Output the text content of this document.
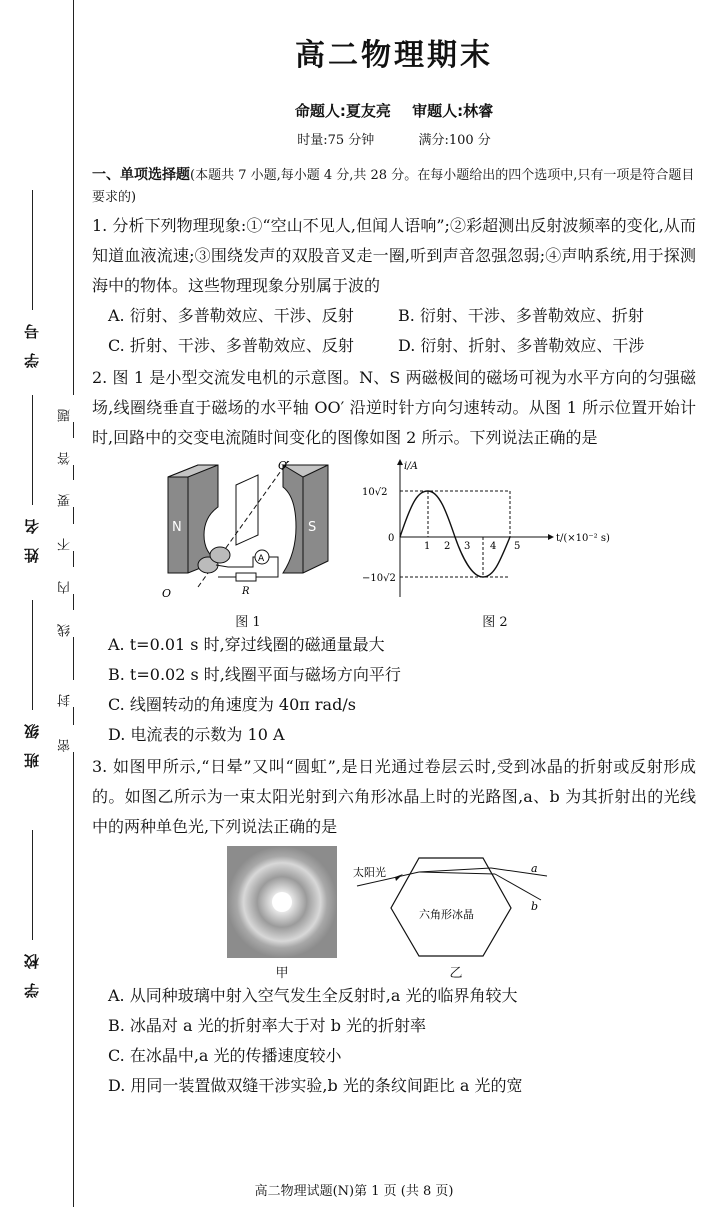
学号
姓名
班级
学校
题
答
要
不
内
线
封
密
高二物理期末
命题人:夏友亮 审题人:林睿
时量:75 分钟	满分:100 分
一、单项选择题(本题共 7 小题,每小题 4 分,共 28 分。在每小题给出的四个选项中,只有一项是符合题目要求的)
1. 分析下列物理现象:①“空山不见人,但闻人语响”;②彩超测出反射波频率的变化,从而知道血液流速;③围绕发声的双股音叉走一圈,听到声音忽强忽弱;④声呐系统,用于探测海中的物体。这些物理现象分别属于波的
A. 衍射、多普勒效应、干涉、反射	B. 衍射、干涉、多普勒效应、折射
C. 折射、干涉、多普勒效应、反射	D. 衍射、折射、多普勒效应、干涉
2. 图 1 是小型交流发电机的示意图。N、S 两磁极间的磁场可视为水平方向的匀强磁场,线圈绕垂直于磁场的水平轴 OO′ 沿逆时针方向匀速转动。从图 1 所示位置开始计时,回路中的交变电流随时间变化的图像如图 2 所示。下列说法正确的是
N	S
O′
A
R
O
图 1
i/A
t/(×10⁻² s)
10√2
−10√2
0
1 2 3 4 5
图 2
A. t=0.01 s 时,穿过线圈的磁通量最大
B. t=0.02 s 时,线圈平面与磁场方向平行
C. 线圈转动的角速度为 40π rad/s
D. 电流表的示数为 10 A
3. 如图甲所示,“日晕”又叫“圆虹”,是日光通过卷层云时,受到冰晶的折射或反射形成的。如图乙所示为一束太阳光射到六角形冰晶上时的光路图,a、b 为其折射出的光线中的两种单色光,下列说法正确的是
甲
太阳光	a
b
六角形冰晶
乙
A. 从同种玻璃中射入空气发生全反射时,a 光的临界角较大
B. 冰晶对 a 光的折射率大于对 b 光的折射率
C. 在冰晶中,a 光的传播速度较小
D. 用同一装置做双缝干涉实验,b 光的条纹间距比 a 光的宽
高二物理试题(N)第 1 页 (共 8 页)
